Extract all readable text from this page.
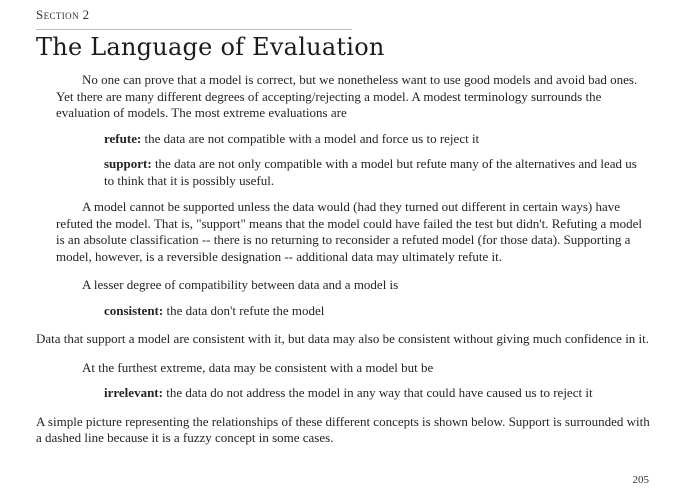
Section 2
The Language of Evaluation

No one can prove that a model is correct, but we nonetheless want to use good models and avoid bad ones. Yet there are many different degrees of accepting/rejecting a model. A modest terminology surrounds the evaluation of models. The most extreme evaluations are

refute: the data are not compatible with a model and force us to reject it

support: the data are not only compatible with a model but refute many of the alternatives and lead us to think that it is possibly useful.

A model cannot be supported unless the data would (had they turned out different in certain ways) have refuted the model. That is, "support" means that the model could have failed the test but didn't. Refuting a model is an absolute classification -- there is no returning to reconsider a refuted model (for those data). Supporting a model, however, is a reversible designation -- additional data may ultimately refute it.

A lesser degree of compatibility between data and a model is

consistent: the data don't refute the model

Data that support a model are consistent with it, but data may also be consistent without giving much confidence in it.

At the furthest extreme, data may be consistent with a model but be

irrelevant: the data do not address the model in any way that could have caused us to reject it

A simple picture representing the relationships of these different concepts is shown below. Support is surrounded with a dashed line because it is a fuzzy concept in some cases.

205
